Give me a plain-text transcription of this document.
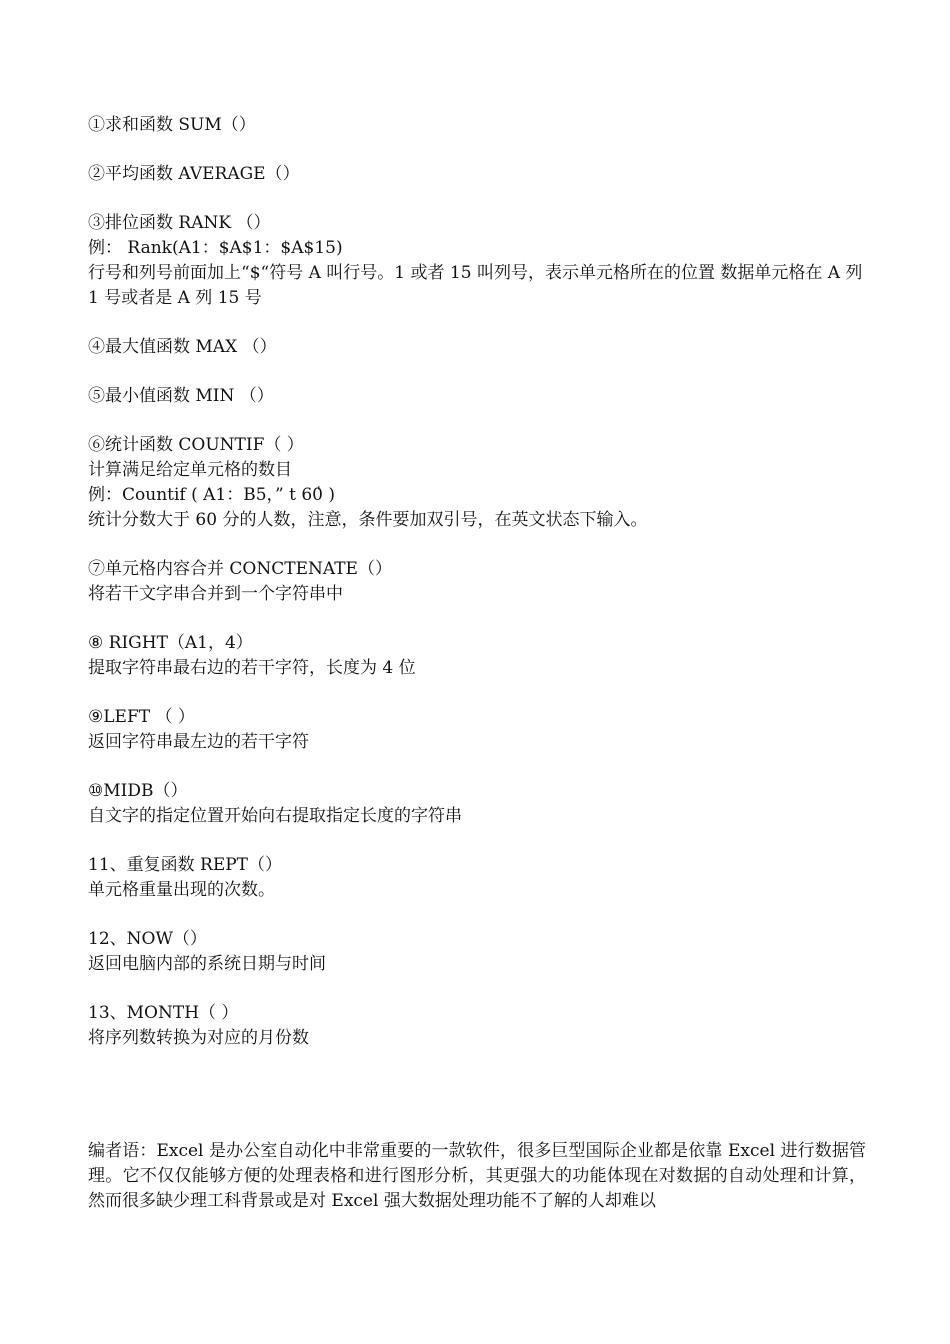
①求和函数 SUM（）
②平均函数 AVERAGE（）
③排位函数 RANK （）
例： Rank(A1：$A$1：$A$15)
行号和列号前面加上“$“符号 A 叫行号。1 或者 15 叫列号，表示单元格所在的位置 数据单元格在 A 列 1 号或者是 A 列 15 号
④最大值函数 MAX （）
⑤最小值函数 MIN （）
⑥统计函数 COUNTIF（ ）
计算满足给定单元格的数目
例：Countif ( A1：B5，” t 60̍ )
统计分数大于 60 分的人数，注意，条件要加双引号，在英文状态下输入。
⑦单元格内容合并 CONCTENATE（）
将若干文字串合并到一个字符串中
⑧ RIGHT（A1，4）
提取字符串最右边的若干字符，长度为 4 位
⑨LEFT （ ）
返回字符串最左边的若干字符
⑩MIDB（）
自文字的指定位置开始向右提取指定长度的字符串
11、重复函数 REPT（）
单元格重量出现的次数。
12、NOW（）
返回电脑内部的系统日期与时间
13、MONTH（ ）
将序列数转换为对应的月份数
编者语：Excel 是办公室自动化中非常重要的一款软件，很多巨型国际企业都是依靠 Excel 进行数据管理。它不仅仅能够方便的处理表格和进行图形分析，其更强大的功能体现在对数据的自动处理和计算，然而很多缺少理工科背景或是对 Excel 强大数据处理功能不了解的人却难以
